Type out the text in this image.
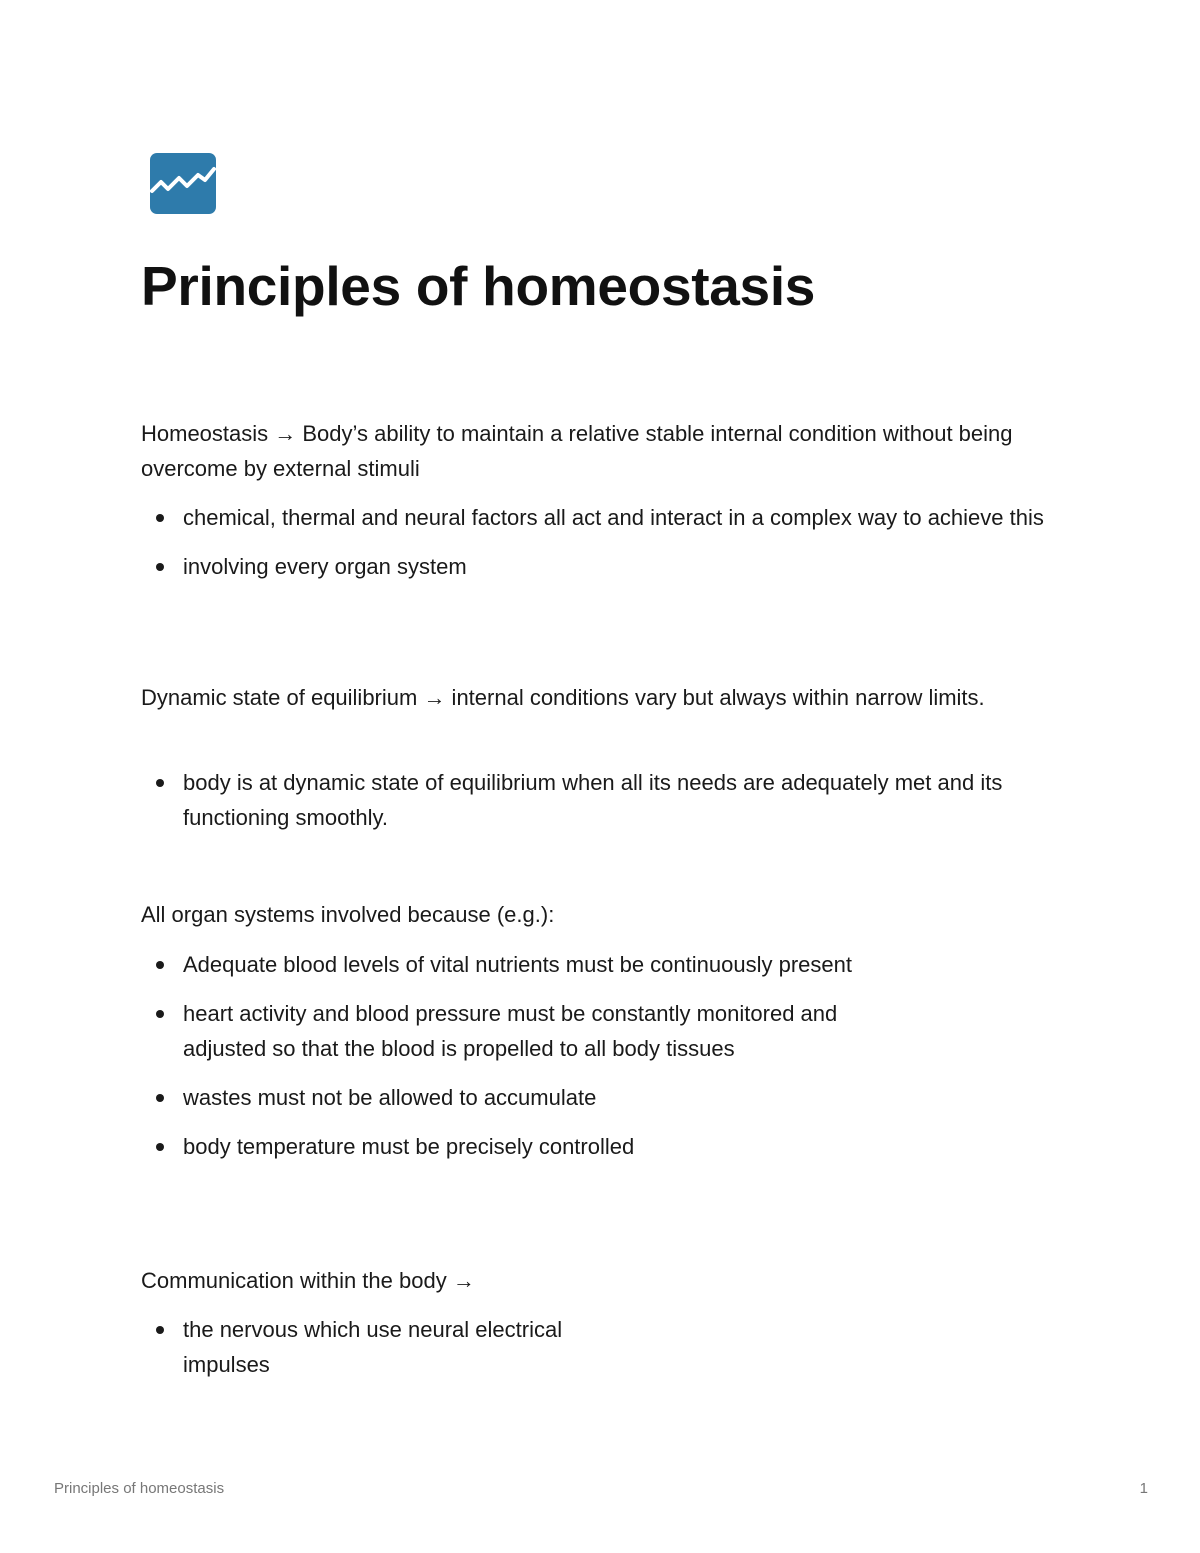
Principles of homeostasis

Homeostasis → Body’s ability to maintain a relative stable internal condition without being overcome by external stimuli

chemical, thermal and neural factors all act and interact in a complex way to achieve this
involving every organ system

Dynamic state of equilibrium → internal conditions vary but always within narrow limits.

body is at dynamic state of equilibrium when all its needs are adequately met and its functioning smoothly.

All organ systems involved because (e.g.):

Adequate blood levels of vital nutrients must be continuously present
heart activity and blood pressure must be constantly monitored and adjusted so that the blood is propelled to all body tissues
wastes must not be allowed to accumulate
body temperature must be precisely controlled

Communication within the body →

the nervous which use neural electrical impulses
Principles of homeostasis	1
